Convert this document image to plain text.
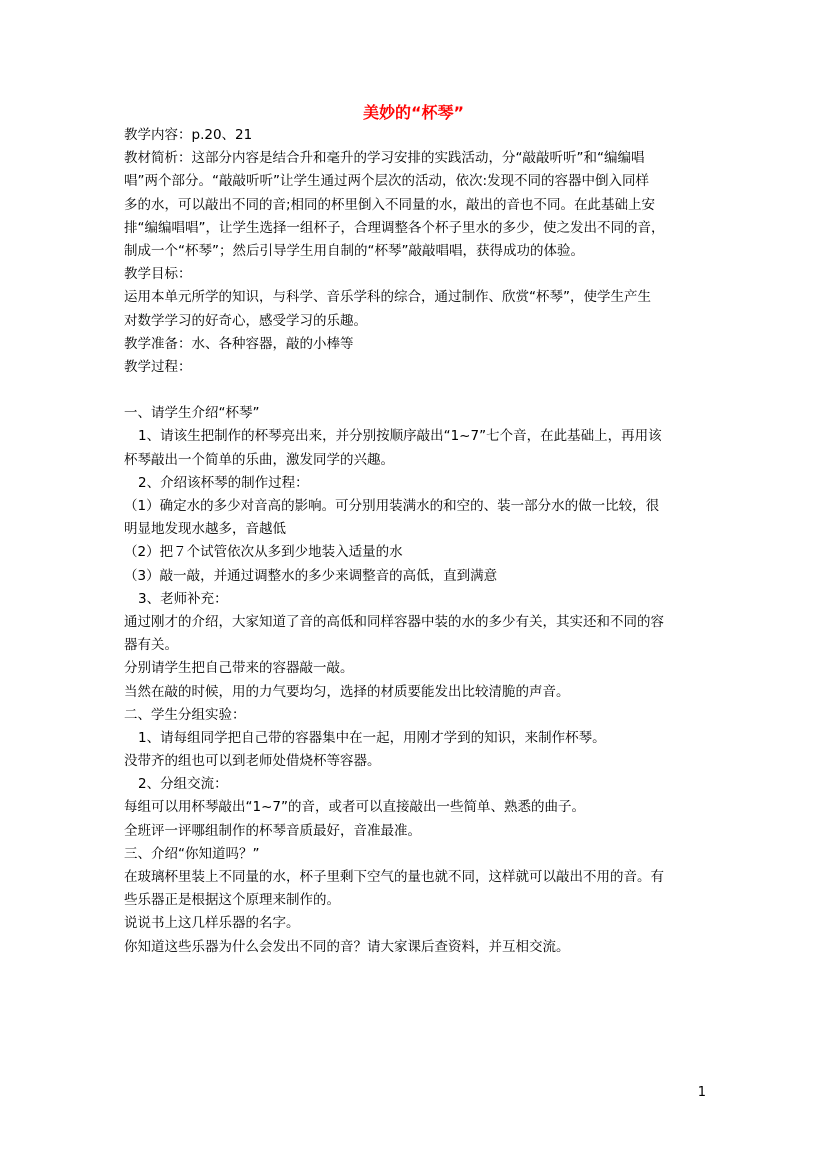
美妙的“杯琴”
教学内容：p.20、21
教材简析：这部分内容是结合升和毫升的学习安排的实践活动，分“敲敲听听”和“编编唱
唱”两个部分。“敲敲听听”让学生通过两个层次的活动，依次:发现不同的容器中倒入同样
多的水，可以敲出不同的音;相同的杯里倒入不同量的水，敲出的音也不同。在此基础上安
排“编编唱唱”，让学生选择一组杯子，合理调整各个杯子里水的多少，使之发出不同的音，
制成一个“杯琴”；然后引导学生用自制的“杯琴”敲敲唱唱，获得成功的体验。
教学目标：
运用本单元所学的知识，与科学、音乐学科的综合，通过制作、欣赏“杯琴”，使学生产生
对数学学习的好奇心，感受学习的乐趣。
教学准备：水、各种容器，敲的小棒等
教学过程：
一、请学生介绍“杯琴”
1、请该生把制作的杯琴亮出来，并分别按顺序敲出“1~7”七个音，在此基础上，再用该
杯琴敲出一个简单的乐曲，激发同学的兴趣。
2、介绍该杯琴的制作过程：
（1）确定水的多少对音高的影响。可分别用装满水的和空的、装一部分水的做一比较，很
明显地发现水越多，音越低
（2）把７个试管依次从多到少地装入适量的水
（3）敲一敲，并通过调整水的多少来调整音的高低，直到满意
3、老师补充：
通过刚才的介绍，大家知道了音的高低和同样容器中装的水的多少有关，其实还和不同的容
器有关。
分别请学生把自己带来的容器敲一敲。
当然在敲的时候，用的力气要均匀，选择的材质要能发出比较清脆的声音。
二、学生分组实验：
1、请每组同学把自己带的容器集中在一起，用刚才学到的知识，来制作杯琴。
没带齐的组也可以到老师处借烧杯等容器。
2、分组交流：
每组可以用杯琴敲出“1~7”的音，或者可以直接敲出一些简单、熟悉的曲子。
全班评一评哪组制作的杯琴音质最好，音准最准。
三、介绍“你知道吗？”
在玻璃杯里装上不同量的水，杯子里剩下空气的量也就不同，这样就可以敲出不用的音。有
些乐器正是根据这个原理来制作的。
说说书上这几样乐器的名字。
你知道这些乐器为什么会发出不同的音？请大家课后查资料，并互相交流。
1
